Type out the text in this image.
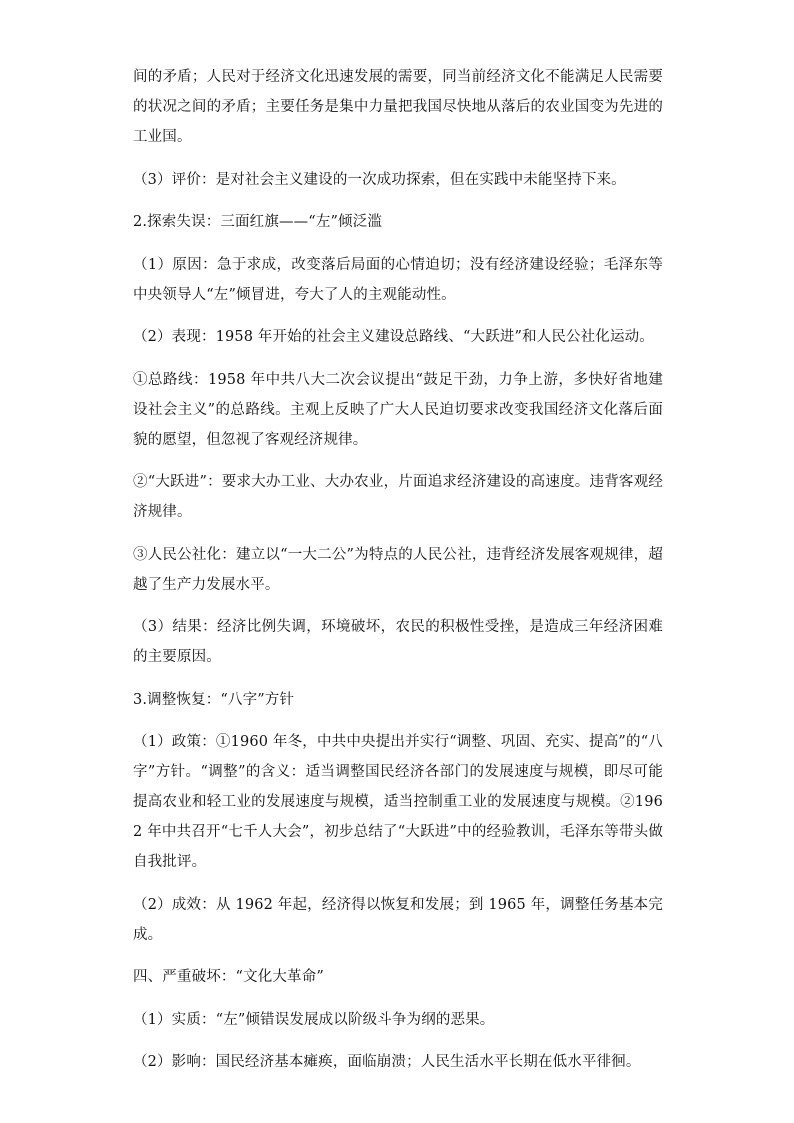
间的矛盾；人民对于经济文化迅速发展的需要，同当前经济文化不能满足人民需要的状况之间的矛盾；主要任务是集中力量把我国尽快地从落后的农业国变为先进的工业国。

（3）评价：是对社会主义建设的一次成功探索，但在实践中未能坚持下来。

2.探索失误：三面红旗——“左”倾泛滥

（1）原因：急于求成，改变落后局面的心情迫切；没有经济建设经验；毛泽东等中央领导人“左”倾冒进，夸大了人的主观能动性。

（2）表现：1958 年开始的社会主义建设总路线、“大跃进”和人民公社化运动。

①总路线：1958 年中共八大二次会议提出“鼓足干劲，力争上游，多快好省地建设社会主义”的总路线。主观上反映了广大人民迫切要求改变我国经济文化落后面貌的愿望，但忽视了客观经济规律。

②“大跃进”：要求大办工业、大办农业，片面追求经济建设的高速度。违背客观经济规律。

③人民公社化：建立以“一大二公”为特点的人民公社，违背经济发展客观规律，超越了生产力发展水平。

（3）结果：经济比例失调，环境破坏，农民的积极性受挫，是造成三年经济困难的主要原因。

3.调整恢复：“八字”方针

（1）政策：①1960 年冬，中共中央提出并实行“调整、巩固、充实、提高”的“八字”方针。“调整”的含义：适当调整国民经济各部门的发展速度与规模，即尽可能提高农业和轻工业的发展速度与规模，适当控制重工业的发展速度与规模。②1962 年中共召开“七千人大会”，初步总结了“大跃进”中的经验教训，毛泽东等带头做自我批评。

（2）成效：从 1962 年起，经济得以恢复和发展；到 1965 年，调整任务基本完成。

四、严重破坏：“文化大革命”

（1）实质：“左”倾错误发展成以阶级斗争为纲的恶果。

（2）影响：国民经济基本瘫痪，面临崩溃；人民生活水平长期在低水平徘徊。
